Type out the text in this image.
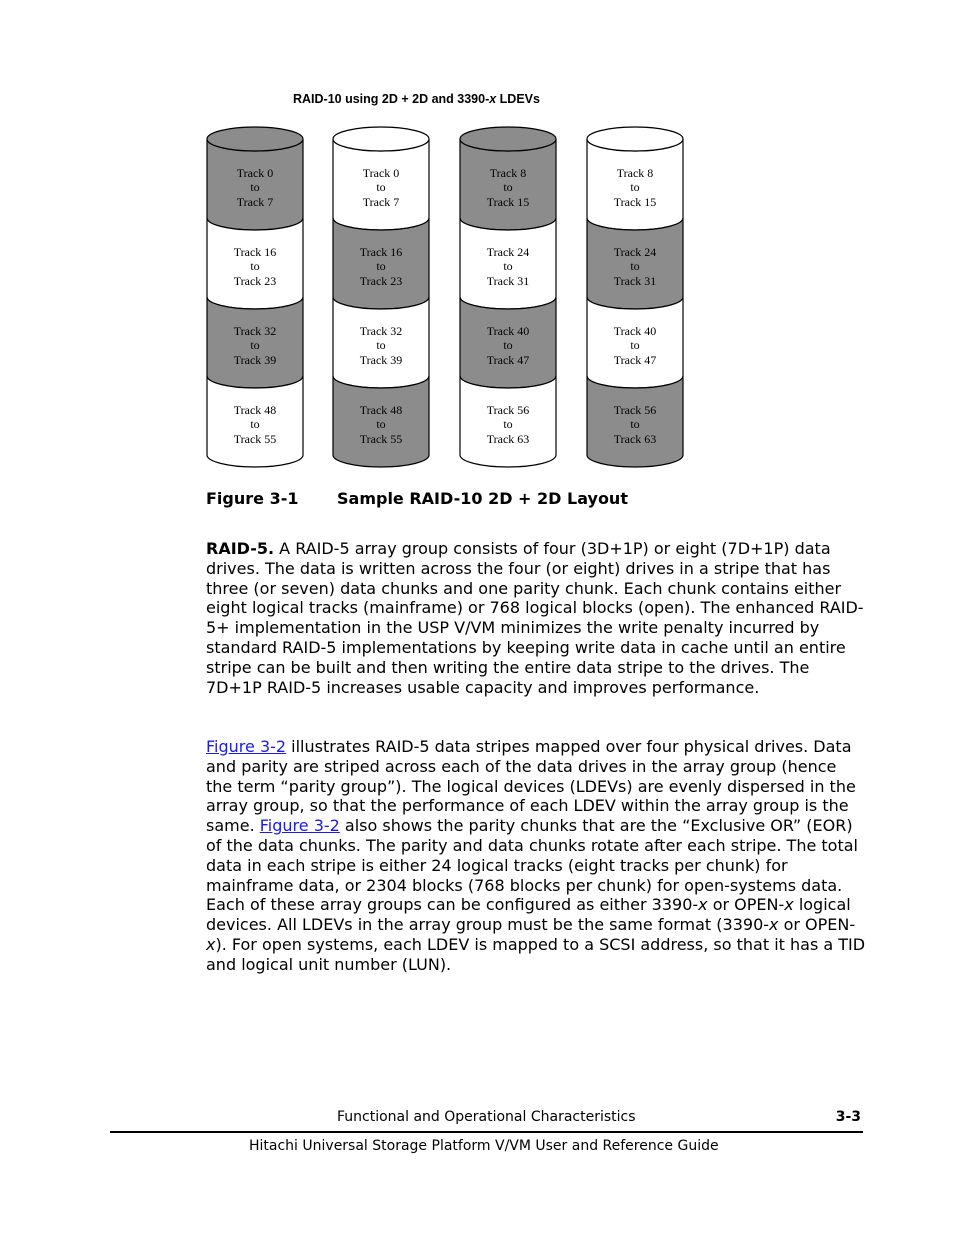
RAID-10 using 2D + 2D and 3390-x LDEVs
Track 0
to
Track 7
Track 16
to
Track 23
Track 32
to
Track 39
Track 48
to
Track 55
Track 0
to
Track 7
Track 16
to
Track 23
Track 32
to
Track 39
Track 48
to
Track 55
Track 8
to
Track 15
Track 24
to
Track 31
Track 40
to
Track 47
Track 56
to
Track 63
Track 8
to
Track 15
Track 24
to
Track 31
Track 40
to
Track 47
Track 56
to
Track 63
Figure 3-1 Sample RAID-10 2D + 2D Layout

RAID-5. A RAID-5 array group consists of four (3D+1P) or eight (7D+1P) data drives. The data is written across the four (or eight) drives in a stripe that has three (or seven) data chunks and one parity chunk. Each chunk contains either eight logical tracks (mainframe) or 768 logical blocks (open). The enhanced RAID-5+ implementation in the USP V/VM minimizes the write penalty incurred by standard RAID-5 implementations by keeping write data in cache until an entire stripe can be built and then writing the entire data stripe to the drives. The 7D+1P RAID-5 increases usable capacity and improves performance.

Figure 3-2 illustrates RAID-5 data stripes mapped over four physical drives. Data and parity are striped across each of the data drives in the array group (hence the term “parity group”). The logical devices (LDEVs) are evenly dispersed in the array group, so that the performance of each LDEV within the array group is the same. Figure 3-2 also shows the parity chunks that are the “Exclusive OR” (EOR) of the data chunks. The parity and data chunks rotate after each stripe. The total data in each stripe is either 24 logical tracks (eight tracks per chunk) for mainframe data, or 2304 blocks (768 blocks per chunk) for open-systems data. Each of these array groups can be configured as either 3390-x or OPEN-x logical devices. All LDEVs in the array group must be the same format (3390-x or OPEN-x). For open systems, each LDEV is mapped to a SCSI address, so that it has a TID and logical unit number (LUN).

Functional and Operational Characteristics	3-3
Hitachi Universal Storage Platform V/VM User and Reference Guide
